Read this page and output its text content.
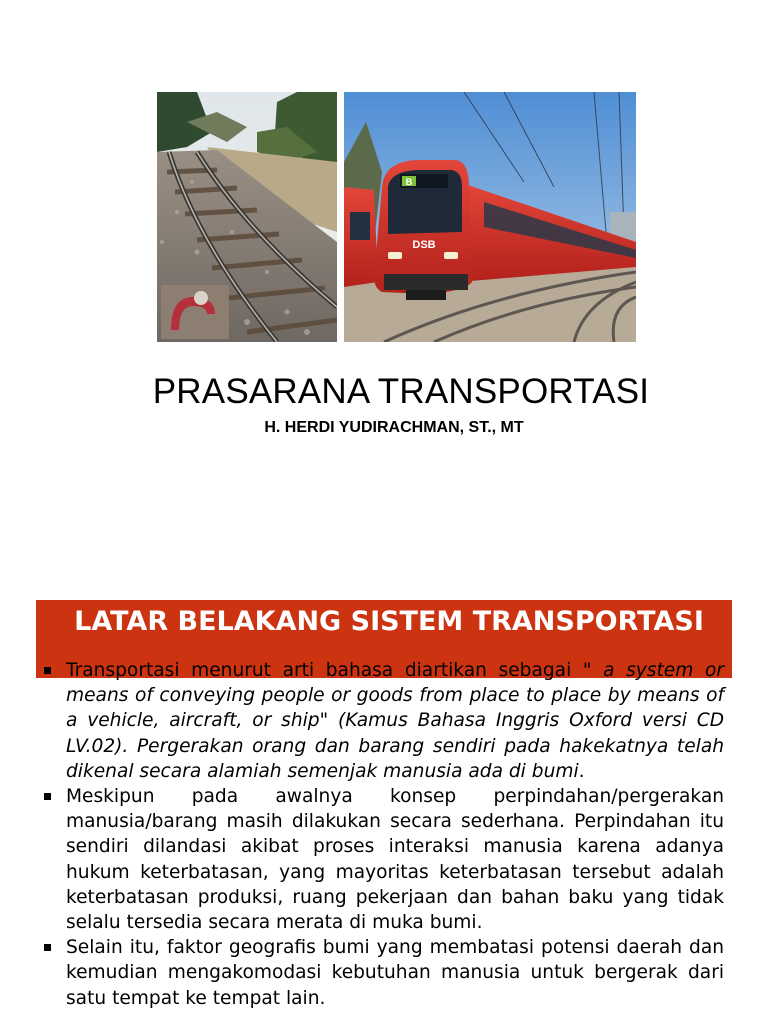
B
DSB
PRASARANA TRANSPORTASI
H. HERDI YUDIRACHMAN, ST., MT
LATAR BELAKANG SISTEM TRANSPORTASI
Transportasi menurut arti bahasa diartikan sebagai " a system or means of conveying people or goods from place to place by means of a vehicle, aircraft, or ship" (Kamus Bahasa Inggris Oxford versi CD LV.02). Pergerakan orang dan barang sendiri pada hakekatnya telah dikenal secara alamiah semenjak manusia ada di bumi.
Meskipun pada awalnya konsep perpindahan/pergerakan manusia/barang masih dilakukan secara sederhana. Perpindahan itu sendiri dilandasi akibat proses interaksi manusia karena adanya hukum keterbatasan, yang mayoritas keterbatasan tersebut adalah keterbatasan produksi, ruang pekerjaan dan bahan baku yang tidak selalu tersedia secara merata di muka bumi.
Selain itu, faktor geografis bumi yang membatasi potensi daerah dan kemudian mengakomodasi kebutuhan manusia untuk bergerak dari satu tempat ke tempat lain.
